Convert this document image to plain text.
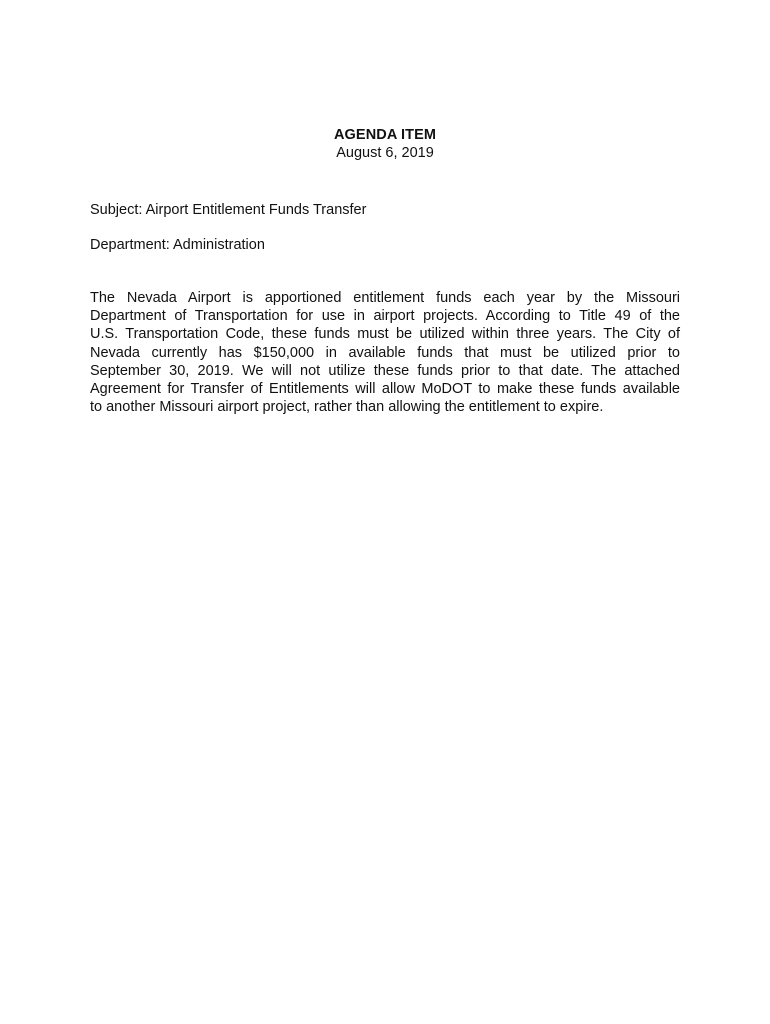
AGENDA ITEM
August 6, 2019
Subject: Airport Entitlement Funds Transfer
Department: Administration
The Nevada Airport is apportioned entitlement funds each year by the Missouri
Department of Transportation for use in airport projects. According to Title 49 of the
U.S. Transportation Code, these funds must be utilized within three years. The City of
Nevada currently has $150,000 in available funds that must be utilized prior to
September 30, 2019. We will not utilize these funds prior to that date. The attached
Agreement for Transfer of Entitlements will allow MoDOT to make these funds available
to another Missouri airport project, rather than allowing the entitlement to expire.
